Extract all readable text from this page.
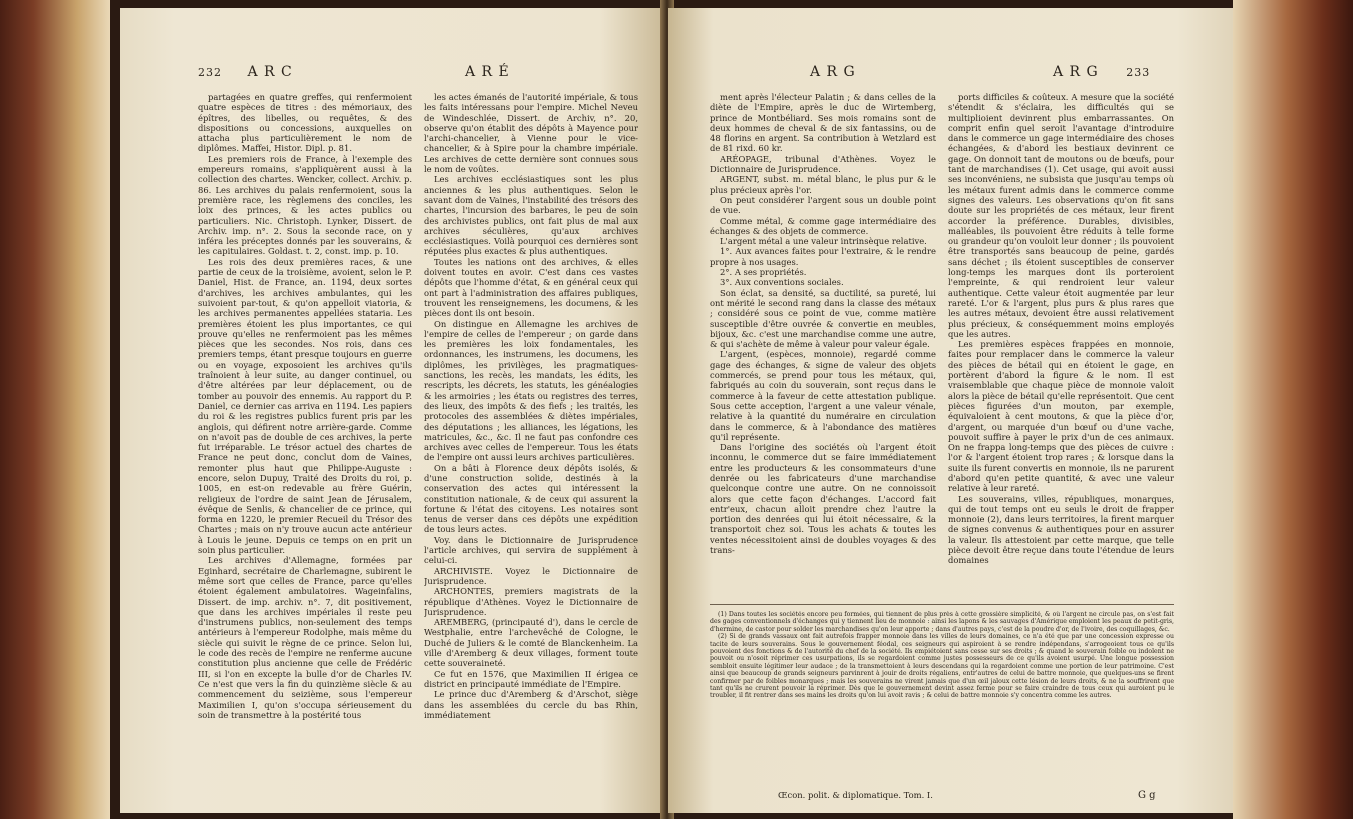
232 A R C	A R É

partagées en quatre greffes, qui renfermoient quatre espèces de titres : des mémoriaux, des épîtres, des libelles, ou requêtes, & des dispositions ou concessions, auxquelles on attacha plus particulièrement le nom de diplômes. Maffei, Histor. Dipl. p. 81.

Les premiers rois de France, à l'exemple des empereurs romains, s'appliquèrent aussi à la collection des chartes. Wencker, collect. Archiv. p. 86. Les archives du palais renfermoient, sous la première race, les règlemens des conciles, les loix des princes, & les actes publics ou particuliers. Nic. Christoph. Lynker, Dissert. de Archiv. imp. n°. 2. Sous la seconde race, on y inféra les préceptes donnés par les souverains, & les capitulaires. Goldast. t. 2, const. imp. p. 10.

Les rois des deux premières races, & une partie de ceux de la troisième, avoient, selon le P. Daniel, Hist. de France, an. 1194, deux sortes d'archives, les archives ambulantes, qui les suivoient par-tout, & qu'on appelloit viatoria, & les archives permanentes appellées stataria. Les premières étoient les plus importantes, ce qui prouve qu'elles ne renfermoient pas les mêmes pièces que les secondes. Nos rois, dans ces premiers temps, étant presque toujours en guerre ou en voyage, exposoient les archives qu'ils traînoient à leur suite, au danger continuel, ou d'être altérées par leur déplacement, ou de tomber au pouvoir des ennemis. Au rapport du P. Daniel, ce dernier cas arriva en 1194. Les papiers du roi & les registres publics furent pris par les anglois, qui défirent notre arrière-garde. Comme on n'avoit pas de double de ces archives, la perte fut irréparable. Le trésor actuel des chartes de France ne peut donc, conclut dom de Vaines, remonter plus haut que Philippe-Auguste : encore, selon Dupuy, Traité des Droits du roi, p. 1005, en est-on redevable au frère Guérin, religieux de l'ordre de saint Jean de Jérusalem, évêque de Senlis, & chancelier de ce prince, qui forma en 1220, le premier Recueil du Trésor des Chartes ; mais on n'y trouve aucun acte antérieur à Louis le jeune. Depuis ce temps on en prit un soin plus particulier.

Les archives d'Allemagne, formées par Eginhard, secrétaire de Charlemagne, subirent le même sort que celles de France, parce qu'elles étoient également ambulatoires. Wageinfalins, Dissert. de imp. archiv. n°. 7, dit positivement, que dans les archives impériales il reste peu d'instrumens publics, non-seulement des temps antérieurs à l'empereur Rodolphe, mais même du siècle qui suivit le règne de ce prince. Selon lui, le code des recès de l'empire ne renferme aucune constitution plus ancienne que celle de Frédéric III, si l'on en excepte la bulle d'or de Charles IV. Ce n'est que vers la fin du quinzième siècle & au commencement du seizième, sous l'empereur Maximilien I, qu'on s'occupa sérieusement du soin de transmettre à la postérité tous

les actes émanés de l'autorité impériale, & tous les faits intéressans pour l'empire. Michel Neveu de Windeschlée, Dissert. de Archiv, n°. 20, observe qu'on établit des dépôts à Mayence pour l'archi-chancelier, à Vienne pour le vice-chancelier, & à Spire pour la chambre impériale. Les archives de cette dernière sont connues sous le nom de voûtes.

Les archives ecclésiastiques sont les plus anciennes & les plus authentiques. Selon le savant dom de Vaines, l'instabilité des trésors des chartes, l'incursion des barbares, le peu de soin des archivistes publics, ont fait plus de mal aux archives séculières, qu'aux archives ecclésiastiques. Voilà pourquoi ces dernières sont réputées plus exactes & plus authentiques.

Toutes les nations ont des archives, & elles doivent toutes en avoir. C'est dans ces vastes dépôts que l'homme d'état, & en général ceux qui ont part à l'administration des affaires publiques, trouvent les renseignemens, les documens, & les pièces dont ils ont besoin.

On distingue en Allemagne les archives de l'empire de celles de l'empereur ; on garde dans les premières les loix fondamentales, les ordonnances, les instrumens, les documens, les diplômes, les privilèges, les pragmatiques-sanctions, les recès, les mandats, les édits, les rescripts, les décrets, les statuts, les généalogies & les armoiries ; les états ou registres des terres, des lieux, des impôts & des fiefs ; les traités, les protocoles des assemblées & diètes impériales, des députations ; les alliances, les légations, les matricules, &c., &c. Il ne faut pas confondre ces archives avec celles de l'empereur. Tous les états de l'empire ont aussi leurs archives particulières.

On a bâti à Florence deux dépôts isolés, & d'une construction solide, destinés à la conservation des actes qui intéressent la constitution nationale, & de ceux qui assurent la fortune & l'état des citoyens. Les notaires sont tenus de verser dans ces dépôts une expédition de tous leurs actes.

Voy. dans le Dictionnaire de Jurisprudence l'article archives, qui servira de supplément à celui-ci.

ARCHIVISTE. Voyez le Dictionnaire de Jurisprudence.

ARCHONTES, premiers magistrats de la république d'Athènes. Voyez le Dictionnaire de Jurisprudence.

AREMBERG, (principauté d'), dans le cercle de Westphalie, entre l'archevêché de Cologne, le Duché de Juliers & le comté de Blanckenheim. La ville d'Aremberg & deux villages, forment toute cette souveraineté.

Ce fut en 1576, que Maximilien II érigea ce district en principauté immédiate de l'Empire.

Le prince duc d'Aremberg & d'Arschot, siège dans les assemblées du cercle du bas Rhin, immédiatement

A R G	A R G 233

ment après l'électeur Palatin ; & dans celles de la diète de l'Empire, après le duc de Wirtemberg, prince de Montbéliard. Ses mois romains sont de deux hommes de cheval & de six fantassins, ou de 48 florins en argent. Sa contribution à Wetzlard est de 81 rixd. 60 kr.

ARÉOPAGE, tribunal d'Athènes. Voyez le Dictionnaire de Jurisprudence.

ARGENT, subst. m. métal blanc, le plus pur & le plus précieux après l'or.

On peut considérer l'argent sous un double point de vue.

Comme métal, & comme gage intermédiaire des échanges & des objets de commerce.

L'argent métal a une valeur intrinsèque relative.

1°. Aux avances faites pour l'extraire, & le rendre propre à nos usages.

2°. A ses propriétés.

3°. Aux conventions sociales.

Son éclat, sa densité, sa ductilité, sa pureté, lui ont mérité le second rang dans la classe des métaux ; considéré sous ce point de vue, comme matière susceptible d'être ouvrée & convertie en meubles, bijoux, &c. c'est une marchandise comme une autre, & qui s'achète de même à valeur pour valeur égale.

L'argent, (espèces, monnoie), regardé comme gage des échanges, & signe de valeur des objets commercés, se prend pour tous les métaux, qui, fabriqués au coin du souverain, sont reçus dans le commerce à la faveur de cette attestation publique. Sous cette acception, l'argent a une valeur vénale, relative à la quantité du numéraire en circulation dans le commerce, & à l'abondance des matières qu'il représente.

Dans l'origine des sociétés où l'argent étoit inconnu, le commerce dut se faire immédiatement entre les producteurs & les consommateurs d'une denrée ou les fabricateurs d'une marchandise quelconque contre une autre. On ne connoissoit alors que cette façon d'échanges. L'accord fait entr'eux, chacun alloit prendre chez l'autre la portion des denrées qui lui étoit nécessaire, & la transportoit chez soi. Tous les achats & toutes les ventes nécessitoient ainsi de doubles voyages & des trans-

ports difficiles & coûteux. A mesure que la société s'étendit & s'éclaira, les difficultés qui se multiplioient devinrent plus embarrassantes. On comprit enfin quel seroit l'avantage d'introduire dans le commerce un gage intermédiaire des choses échangées, & d'abord les bestiaux devinrent ce gage. On donnoit tant de moutons ou de bœufs, pour tant de marchandises (1). Cet usage, qui avoit aussi ses inconvéniens, ne subsista que jusqu'au temps où les métaux furent admis dans le commerce comme signes des valeurs. Les observations qu'on fit sans doute sur les propriétés de ces métaux, leur firent accorder la préférence. Durables, divisibles, malléables, ils pouvoient être réduits à telle forme ou grandeur qu'on vouloit leur donner ; ils pouvoient être transportés sans beaucoup de peine, gardés sans déchet ; ils étoient susceptibles de conserver long-temps les marques dont ils porteroient l'empreinte, & qui rendroient leur valeur authentique. Cette valeur étoit augmentée par leur rareté. L'or & l'argent, plus purs & plus rares que les autres métaux, devoient être aussi relativement plus précieux, & conséquemment moins employés que les autres.

Les premières espèces frappées en monnoie, faites pour remplacer dans le commerce la valeur des pièces de bétail qui en étoient le gage, en portèrent d'abord la figure & le nom. Il est vraisemblable que chaque pièce de monnoie valoit alors la pièce de bétail qu'elle représentoit. Que cent pièces figurées d'un mouton, par exemple, équivaloient à cent moutons, & que la pièce d'or, d'argent, ou marquée d'un bœuf ou d'une vache, pouvoit suffire à payer le prix d'un de ces animaux. On ne frappa long-temps que des pièces de cuivre : l'or & l'argent étoient trop rares ; & lorsque dans la suite ils furent convertis en monnoie, ils ne parurent d'abord qu'en petite quantité, & avec une valeur relative à leur rareté.

Les souverains, villes, républiques, monarques, qui de tout temps ont eu seuls le droit de frapper monnoie (2), dans leurs territoires, la firent marquer de signes convenus & authentiques pour en assurer la valeur. Ils attestoient par cette marque, que telle pièce devoit être reçue dans toute l'étendue de leurs domaines

(1) Dans toutes les sociétés encore peu formées, qui tiennent de plus près à cette grossière simplicité, & où l'argent ne circule pas, on s'est fait des gages conventionnels d'échanges qui y tiennent lieu de monnoie : ainsi les lapons & les sauvages d'Amérique emploient les peaux de petit-gris, d'hermine, de castor pour solder les marchandises qu'on leur apporte ; dans d'autres pays, c'est de la poudre d'or, de l'ivoire, des coquillages, &c.

(2) Si de grands vassaux ont fait autrefois frapper monnoie dans les villes de leurs domaines, ce n'a été que par une concession expresse ou tacite de leurs souverains. Sous le gouvernement féodal, ces seigneurs qui aspiroient à se rendre indépendans, s'arrogeoient tous ce qu'ils pouvoient des fonctions & de l'autorité du chef de la société. Ils empiétoient sans cesse sur ses droits ; & quand le souverain foible ou indolent ne pouvoit ou n'osoit réprimer ces usurpations, ils se regardoient comme justes possesseurs de ce qu'ils avoient usurpé. Une longue possession sembloit ensuite légitimer leur audace ; de la transmettoient à leurs descendans qui la regardoient comme une portion de leur patrimoine. C'est ainsi que beaucoup de grands seigneurs parvinrent à jouir de droits régaliens, entr'autres de celui de battre monnoie, que quelques-uns se firent confirmer par de foibles monarques ; mais les souverains ne virent jamais que d'un œil jaloux cette lésion de leurs droits, & ne la souffrirent que tant qu'ils ne crurent pouvoir la réprimer. Dès que le gouvernement devint assez ferme pour se faire craindre de tous ceux qui auroient pu le troubler, il fit rentrer dans ses mains les droits qu'on lui avoit ravis ; & celui de battre monnoie s'y concentra comme les autres.

Œcon. polit. & diplomatique. Tom. I.	G g
